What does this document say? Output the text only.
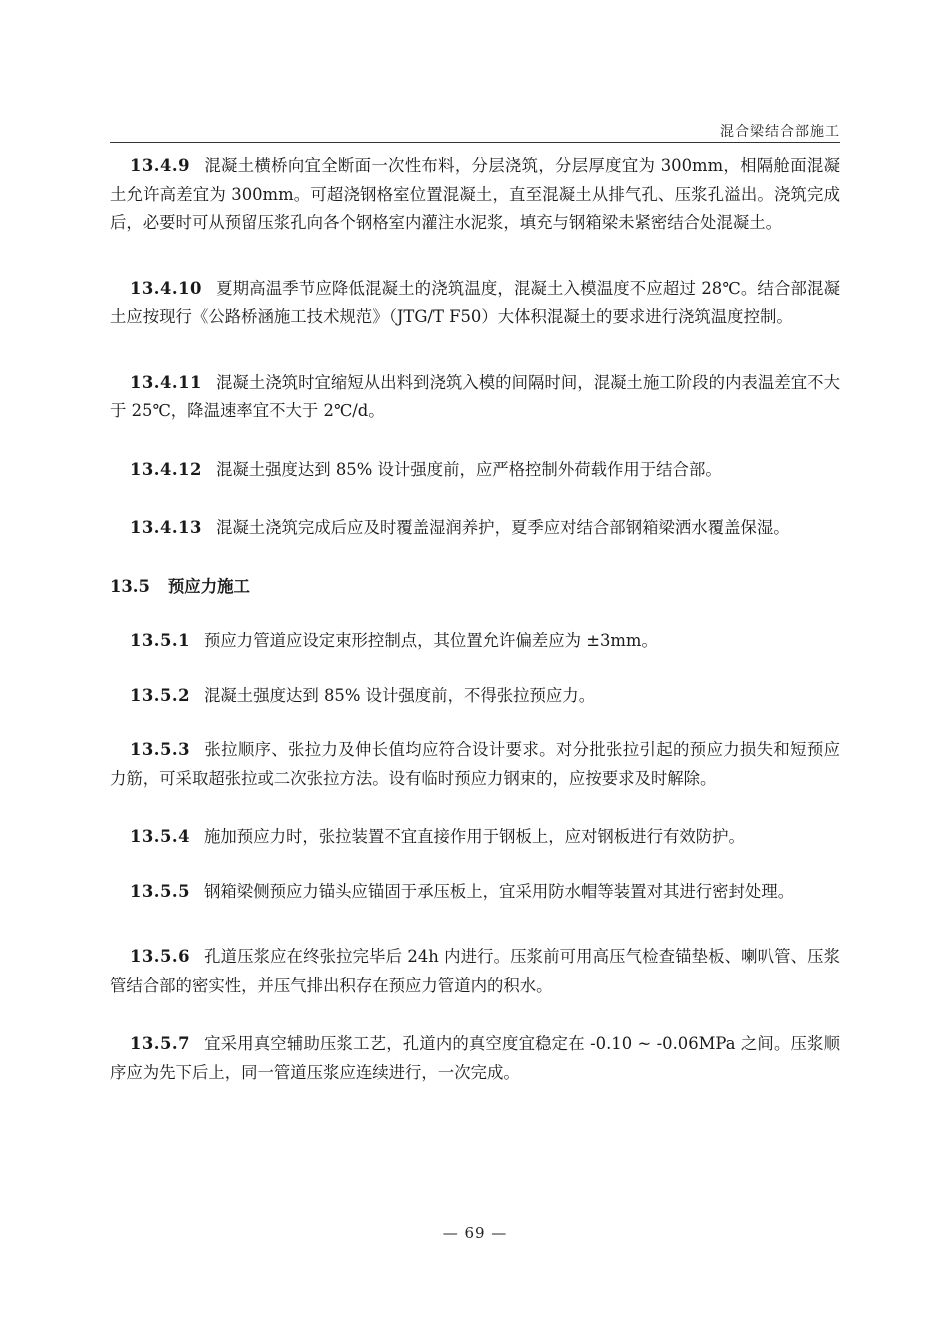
混合梁结合部施工

13.4.9 混凝土横桥向宜全断面一次性布料，分层浇筑，分层厚度宜为 300mm，相隔舱面混凝土允许高差宜为 300mm。可超浇钢格室位置混凝土，直至混凝土从排气孔、压浆孔溢出。浇筑完成后，必要时可从预留压浆孔向各个钢格室内灌注水泥浆，填充与钢箱梁未紧密结合处混凝土。

13.4.10 夏期高温季节应降低混凝土的浇筑温度，混凝土入模温度不应超过 28℃。结合部混凝土应按现行《公路桥涵施工技术规范》（JTG/T F50）大体积混凝土的要求进行浇筑温度控制。

13.4.11 混凝土浇筑时宜缩短从出料到浇筑入模的间隔时间，混凝土施工阶段的内表温差宜不大于 25℃，降温速率宜不大于 2℃/d。

13.4.12 混凝土强度达到 85% 设计强度前，应严格控制外荷载作用于结合部。

13.4.13 混凝土浇筑完成后应及时覆盖湿润养护，夏季应对结合部钢箱梁洒水覆盖保湿。

13.5 预应力施工

13.5.1 预应力管道应设定束形控制点，其位置允许偏差应为 ±3mm。

13.5.2 混凝土强度达到 85% 设计强度前，不得张拉预应力。

13.5.3 张拉顺序、张拉力及伸长值均应符合设计要求。对分批张拉引起的预应力损失和短预应力筋，可采取超张拉或二次张拉方法。设有临时预应力钢束的，应按要求及时解除。

13.5.4 施加预应力时，张拉装置不宜直接作用于钢板上，应对钢板进行有效防护。

13.5.5 钢箱梁侧预应力锚头应锚固于承压板上，宜采用防水帽等装置对其进行密封处理。

13.5.6 孔道压浆应在终张拉完毕后 24h 内进行。压浆前可用高压气检查锚垫板、喇叭管、压浆管结合部的密实性，并压气排出积存在预应力管道内的积水。

13.5.7 宜采用真空辅助压浆工艺，孔道内的真空度宜稳定在 -0.10 ~ -0.06MPa 之间。压浆顺序应为先下后上，同一管道压浆应连续进行，一次完成。

— 69 —
